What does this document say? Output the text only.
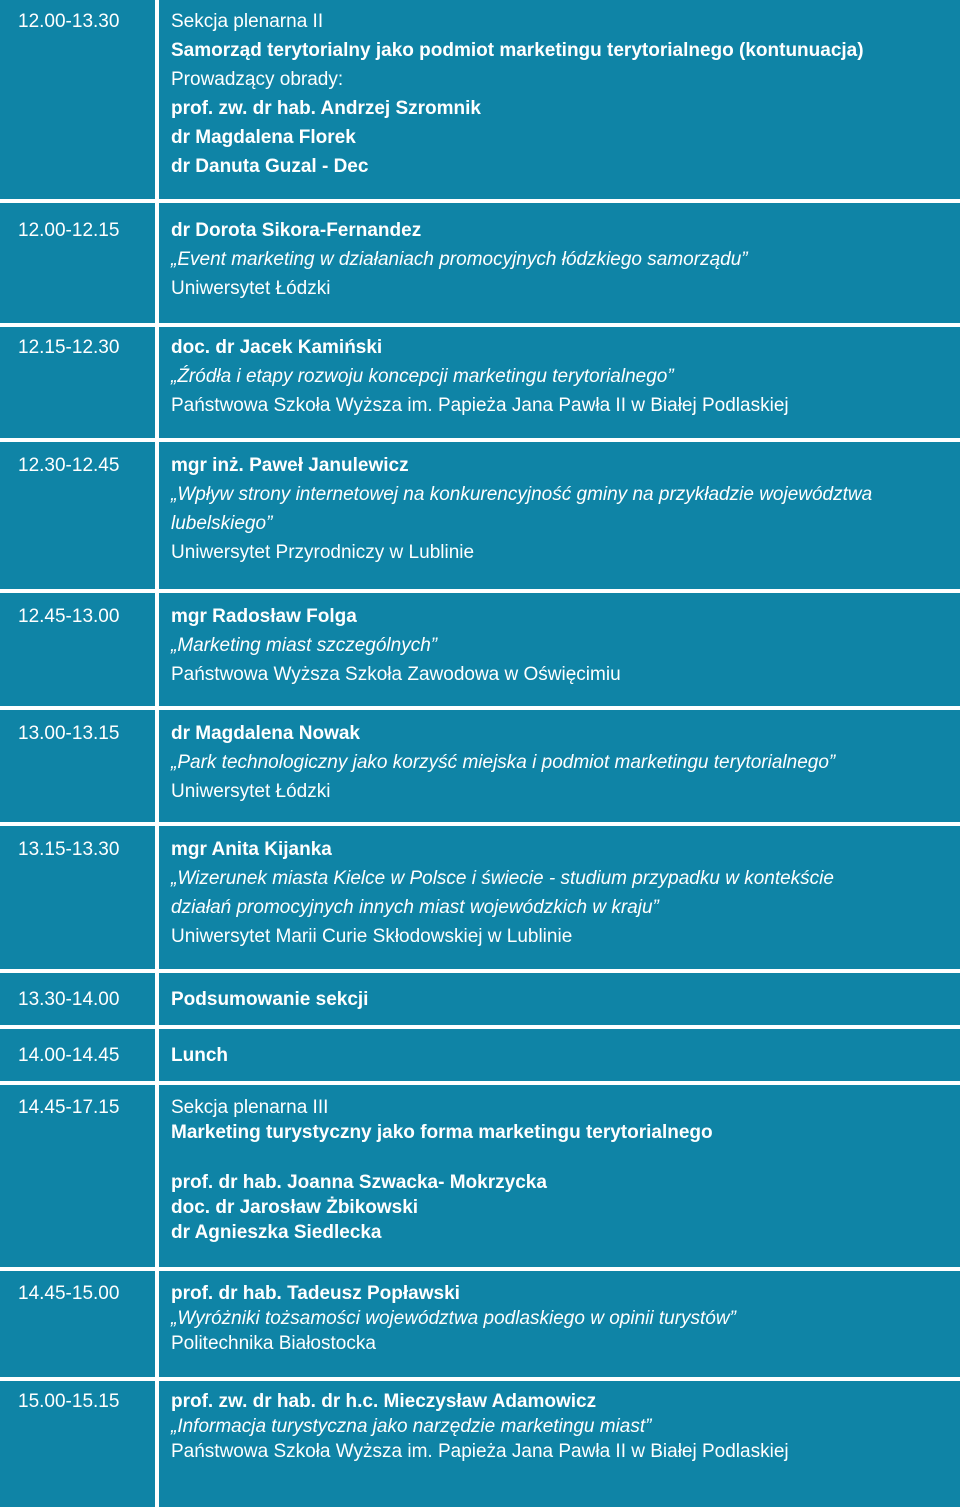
12.00-13.30	Sekcja plenarna II
Samorząd terytorialny jako podmiot marketingu terytorialnego (kontunuacja)
Prowadzący obrady:
prof. zw. dr hab. Andrzej Szromnik
dr Magdalena Florek
dr Danuta Guzal - Dec
12.00-12.15	dr Dorota Sikora-Fernandez
„Event marketing w działaniach promocyjnych łódzkiego samorządu”
Uniwersytet Łódzki
12.15-12.30	doc. dr Jacek Kamiński
„Źródła i etapy rozwoju koncepcji marketingu terytorialnego”
Państwowa Szkoła Wyższa im. Papieża Jana Pawła II w Białej Podlaskiej
12.30-12.45	mgr inż. Paweł Janulewicz
„Wpływ strony internetowej na konkurencyjność gminy na przykładzie województwa
lubelskiego”
Uniwersytet Przyrodniczy w Lublinie
12.45-13.00	mgr Radosław Folga
„Marketing miast szczególnych”
Państwowa Wyższa Szkoła Zawodowa w Oświęcimiu
13.00-13.15	dr Magdalena Nowak
„Park technologiczny jako korzyść miejska i podmiot marketingu terytorialnego”
Uniwersytet Łódzki
13.15-13.30	mgr Anita Kijanka
„Wizerunek miasta Kielce w Polsce i świecie - studium przypadku w kontekście
działań promocyjnych innych miast wojewódzkich w kraju”
Uniwersytet Marii Curie Skłodowskiej w Lublinie
13.30-14.00	Podsumowanie sekcji
14.00-14.45	Lunch
14.45-17.15	Sekcja plenarna III
Marketing turystyczny jako forma marketingu terytorialnego

prof. dr hab. Joanna Szwacka- Mokrzycka
doc. dr Jarosław Żbikowski
dr Agnieszka Siedlecka
14.45-15.00	prof. dr hab. Tadeusz Popławski
„Wyróżniki tożsamości województwa podlaskiego w opinii turystów”
Politechnika Białostocka
15.00-15.15	prof. zw. dr hab. dr h.c. Mieczysław Adamowicz
„Informacja turystyczna jako narzędzie marketingu miast”
Państwowa Szkoła Wyższa im. Papieża Jana Pawła II w Białej Podlaskiej
